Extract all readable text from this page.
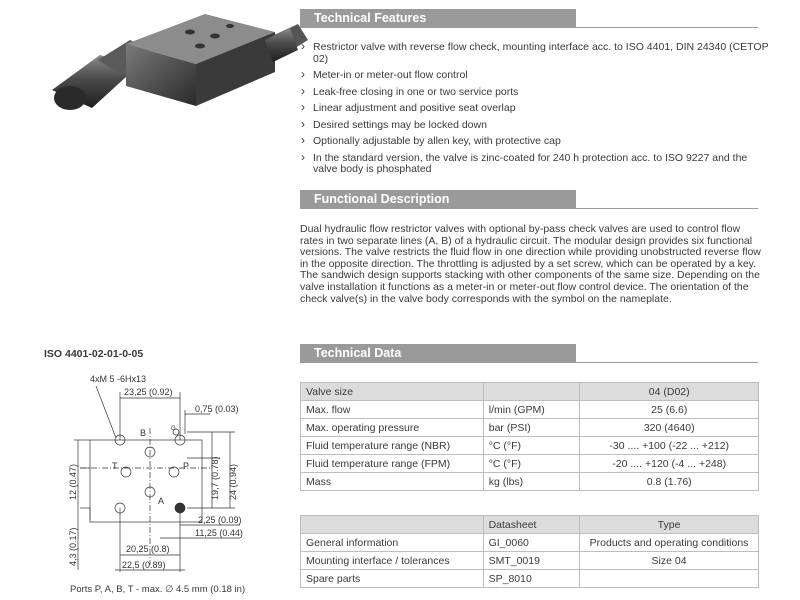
Technical Features
› Restrictor valve with reverse flow check, mounting interface acc. to ISO 4401, DIN 24340 (CETOP 02)
› Meter-in or meter-out flow control
› Leak-free closing in one or two service ports
› Linear adjustment and positive seat overlap
› Desired settings may be locked down
› Optionally adjustable by allen key, with protective cap
› In the standard version, the valve is zinc-coated for 240 h protection acc. to ISO 9227 and the valve body is phosphated
Functional Description

Dual hydraulic flow restrictor valves with optional by-pass check valves are used to control flow rates in two separate lines (A, B) of a hydraulic circuit. The modular design provides six functional versions. The valve restricts the fluid flow in one direction while providing unobstructed reverse flow in the opposite direction. The throttling is adjusted by a set screw, which can be operated by a key. The sandwich design supports stacking with other components of the same size. Depending on the valve installation it functions as a meter-in or meter-out flow control device. The orientation of the check valve(s) in the valve body corresponds with the symbol on the nameplate.

Technical Data
Valve size		04 (D02)
Max. flow	l/min (GPM)	25 (6.6)
Max. operating pressure	bar (PSI)	320 (4640)
Fluid temperature range (NBR)	°C (°F)	-30 .... +100 (-22 ... +212)
Fluid temperature range (FPM)	°C (°F)	-20 .... +120 (-4 ... +248)
Mass	kg (lbs)	0.8 (1.76)
	Datasheet	Type
General information	GI_0060	Products and operating conditions
Mounting interface / tolerances	SMT_0019	Size 04
Spare parts	SP_8010	
ISO 4401-02-01-0-05
4xM 5 -6Hx13
23,25 (0.92)
0,75 (0.03)
19,7 (0.78) 24 (0.94)
12 (0.47)
4,3 (0.17)
2,25 (0.09)
11,25 (0.44)
20,25 (0.8)
22,5 (0.89)
B	G
T	P
A
Ports P, A, B, T - max. ∅ 4.5 mm (0.18 in)
